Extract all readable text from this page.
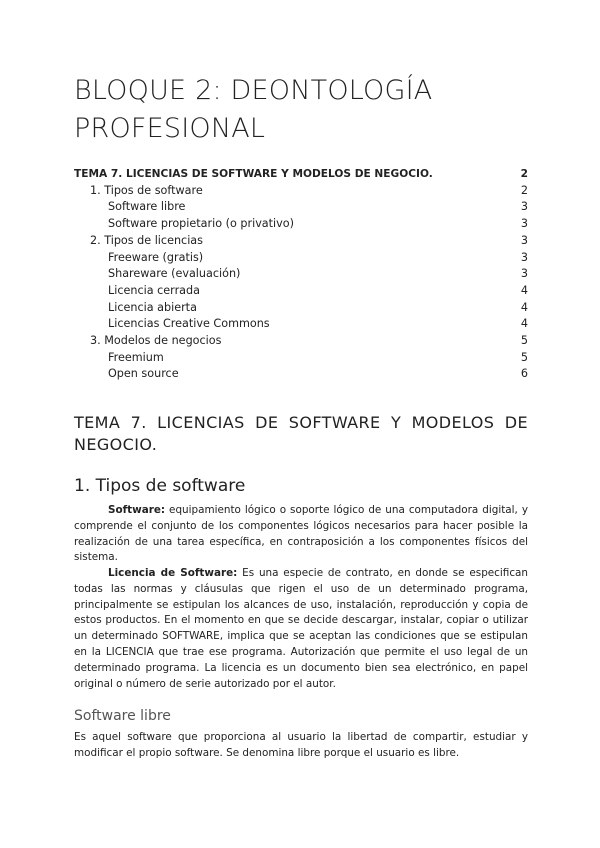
BLOQUE 2: DEONTOLOGÍA PROFESIONAL
TEMA 7. LICENCIAS DE SOFTWARE Y MODELOS DE NEGOCIO.	2
1. Tipos de software	2
Software libre	3
Software propietario (o privativo)	3
2. Tipos de licencias	3
Freeware (gratis)	3
Shareware (evaluación)	3
Licencia cerrada	4
Licencia abierta	4
Licencias Creative Commons	4
3. Modelos de negocios	5
Freemium	5
Open source	6
TEMA 7. LICENCIAS DE SOFTWARE Y MODELOS DE NEGOCIO.
1. Tipos de software

Software: equipamiento lógico o soporte lógico de una computadora digital, y comprende el conjunto de los componentes lógicos necesarios para hacer posible la realización de una tarea específica, en contraposición a los componentes físicos del sistema.

Licencia de Software: Es una especie de contrato, en donde se especifican todas las normas y cláusulas que rigen el uso de un determinado programa, principalmente se estipulan los alcances de uso, instalación, reproducción y copia de estos productos. En el momento en que se decide descargar, instalar, copiar o utilizar un determinado SOFTWARE, implica que se aceptan las condiciones que se estipulan en la LICENCIA que trae ese programa. Autorización que permite el uso legal de un determinado programa. La licencia es un documento bien sea electrónico, en papel original o número de serie autorizado por el autor.

Software libre

Es aquel software que proporciona al usuario la libertad de compartir, estudiar y modificar el propio software. Se denomina libre porque el usuario es libre.
